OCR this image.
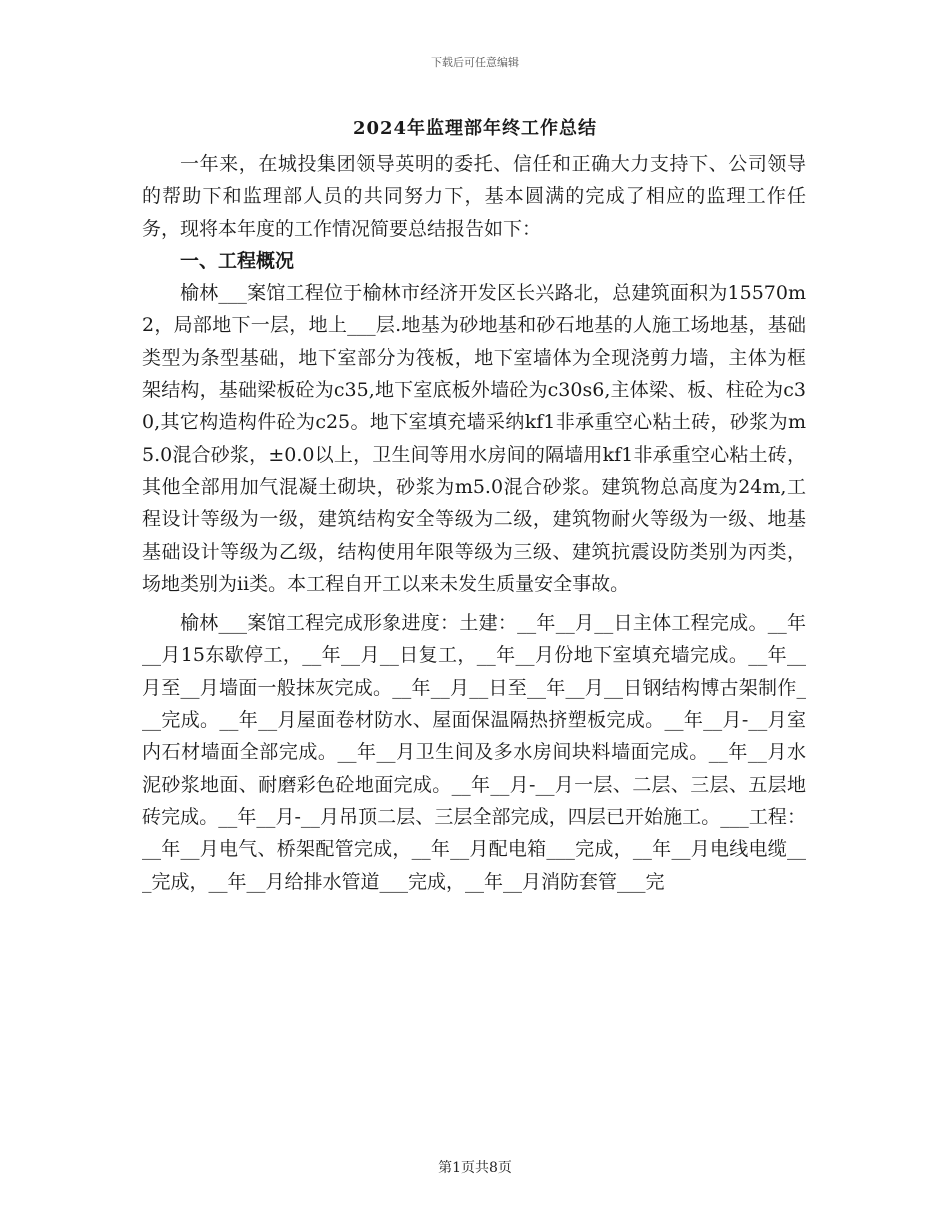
下载后可任意编辑
2024年监理部年终工作总结

一年来，在城投集团领导英明的委托、信任和正确大力支持下、公司领导的帮助下和监理部人员的共同努力下，基本圆满的完成了相应的监理工作任务，现将本年度的工作情况简要总结报告如下：

一、工程概况

榆林___案馆工程位于榆林市经济开发区长兴路北，总建筑面积为15570m2，局部地下一层，地上___层.地基为砂地基和砂石地基的人施工场地基，基础类型为条型基础，地下室部分为筏板，地下室墙体为全现浇剪力墙，主体为框架结构，基础梁板砼为c35,地下室底板外墙砼为c30s6,主体梁、板、柱砼为c30,其它构造构件砼为c25。地下室填充墙采纳kf1非承重空心粘土砖，砂浆为m5.0混合砂浆，±0.0以上，卫生间等用水房间的隔墙用kf1非承重空心粘土砖，其他全部用加气混凝土砌块，砂浆为m5.0混合砂浆。建筑物总高度为24m,工程设计等级为一级，建筑结构安全等级为二级，建筑物耐火等级为一级、地基基础设计等级为乙级，结构使用年限等级为三级、建筑抗震设防类别为丙类，场地类别为ii类。本工程自开工以来未发生质量安全事故。

榆林___案馆工程完成形象进度：土建：__年__月__日主体工程完成。__年__月15东歇停工，__年__月__日复工，__年__月份地下室填充墙完成。__年__月至__月墙面一般抹灰完成。__年__月__日至__年__月__日钢结构博古架制作___完成。__年__月屋面卷材防水、屋面保温隔热挤塑板完成。__年__月-__月室内石材墙面全部完成。__年__月卫生间及多水房间块料墙面完成。__年__月水泥砂浆地面、耐磨彩色砼地面完成。__年__月-__月一层、二层、三层、五层地砖完成。__年__月-__月吊顶二层、三层全部完成，四层已开始施工。___工程：__年__月电气、桥架配管完成，__年__月配电箱___完成，__年__月电线电缆___完成，__年__月给排水管道___完成，__年__月消防套管___完

第1页共8页
